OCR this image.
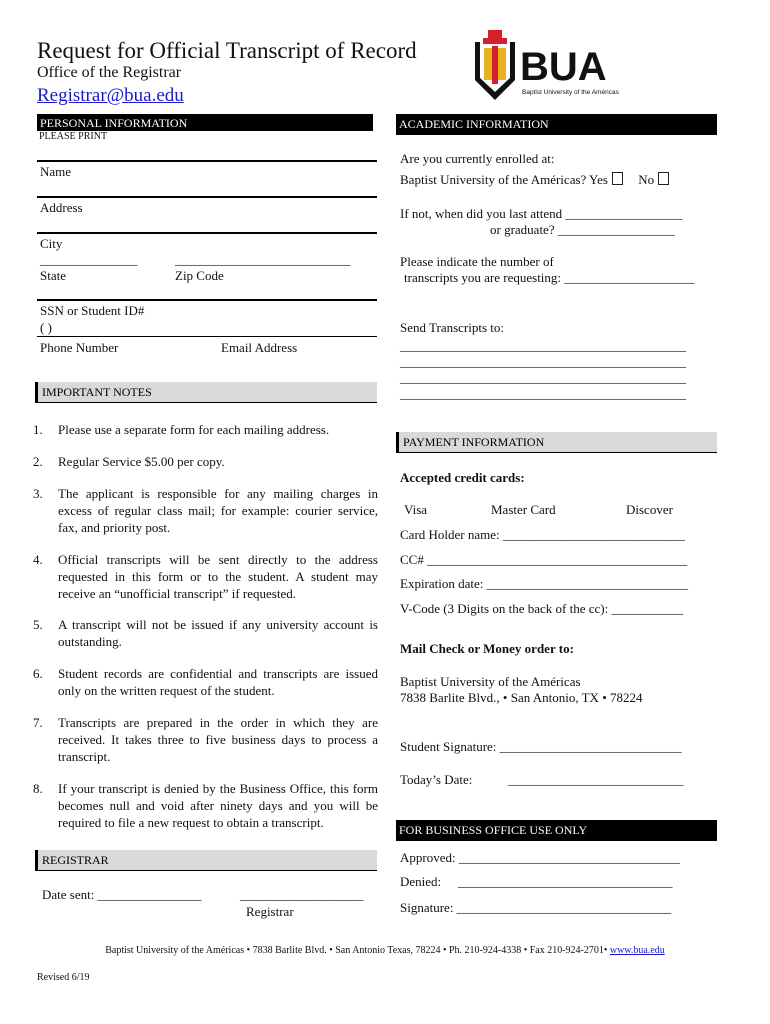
Request for Official Transcript of Record
Office of the Registrar
Registrar@bua.edu
BUA
Baptist University of the Américas
PERSONAL INFORMATION
PLEASE PRINT
Name
Address
City
_______________	___________________________
State	Zip Code
SSN or Student ID#
( )
Phone Number	Email Address
IMPORTANT NOTES
1. Please use a separate form for each mailing address.
2. Regular Service $5.00 per copy.
3. The applicant is responsible for any mailing charges in excess of regular class mail; for example: courier service, fax, and priority post.
4. Official transcripts will be sent directly to the address requested in this form or to the student. A student may receive an “unofficial transcript” if requested.
5. A transcript will not be issued if any university account is outstanding.
6. Student records are confidential and transcripts are issued only on the written request of the student.
7. Transcripts are prepared in the order in which they are received. It takes three to five business days to process a transcript.
8. If your transcript is denied by the Business Office, this form becomes null and void after ninety days and you will be required to file a new request to obtain a transcript.
REGISTRAR
Date sent: ________________	___________________
Registrar
ACADEMIC INFORMATION
Are you currently enrolled at:
Baptist University of the Américas? Yes No
If not, when did you last attend __________________
or graduate? __________________
Please indicate the number of
transcripts you are requesting: ____________________
Send Transcripts to:
____________________________________________
____________________________________________
____________________________________________
____________________________________________
PAYMENT INFORMATION
Accepted credit cards:
Visa	Master Card	Discover
Card Holder name: ____________________________
CC# ________________________________________
Expiration date: _______________________________
V-Code (3 Digits on the back of the cc): ___________
Mail Check or Money order to:
Baptist University of the Américas
7838 Barlite Blvd., • San Antonio, TX • 78224
Student Signature: ____________________________
Today’s Date:	___________________________
FOR BUSINESS OFFICE USE ONLY
Approved: __________________________________
Denied: _________________________________
Signature: _________________________________
Baptist University of the Américas • 7838 Barlite Blvd. • San Antonio Texas, 78224 • Ph. 210-924-4338 • Fax 210-924-2701• www.bua.edu
Revised 6/19
